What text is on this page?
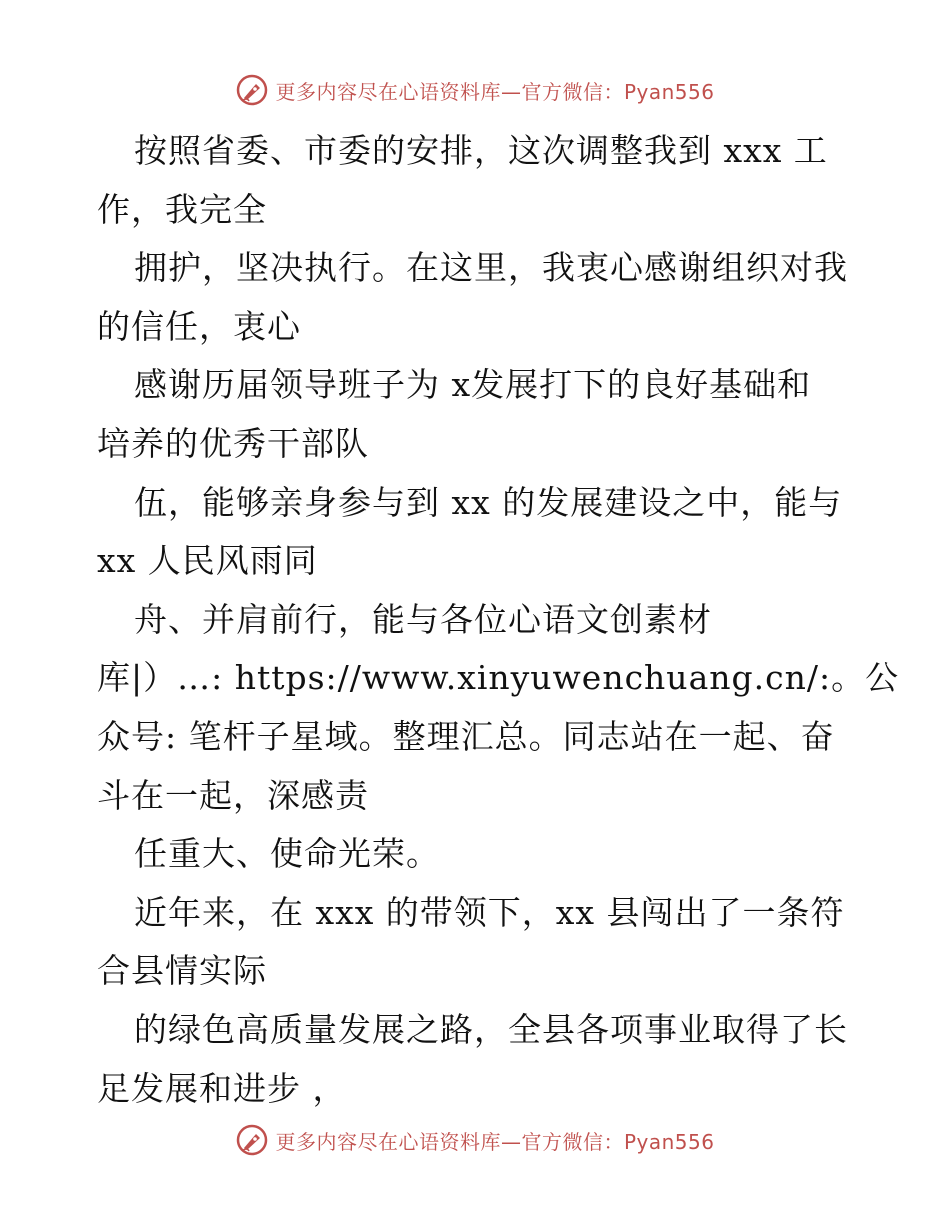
更多内容尽在心语资料库—官方微信：Pyan556
按照省委、市委的安排，这次调整我到 xxx 工
作，我完全
拥护，坚决执行。在这里，我衷心感谢组织对我
的信任，衷心
感谢历届领导班子为 x发展打下的良好基础和
培养的优秀干部队
伍，能够亲身参与到 xx 的发展建设之中，能与
xx 人民风雨同
舟、并肩前行，能与各位心语文创素材
库|）…: https://www.xinyuwenchuang.cn/:。公
众号: 笔杆子星域。整理汇总。同志站在一起、奋
斗在一起，深感责
任重大、使命光荣。
近年来，在 xxx 的带领下，xx 县闯出了一条符
合县情实际
的绿色高质量发展之路，全县各项事业取得了长
足发展和进步 ，
更多内容尽在心语资料库—官方微信：Pyan556
